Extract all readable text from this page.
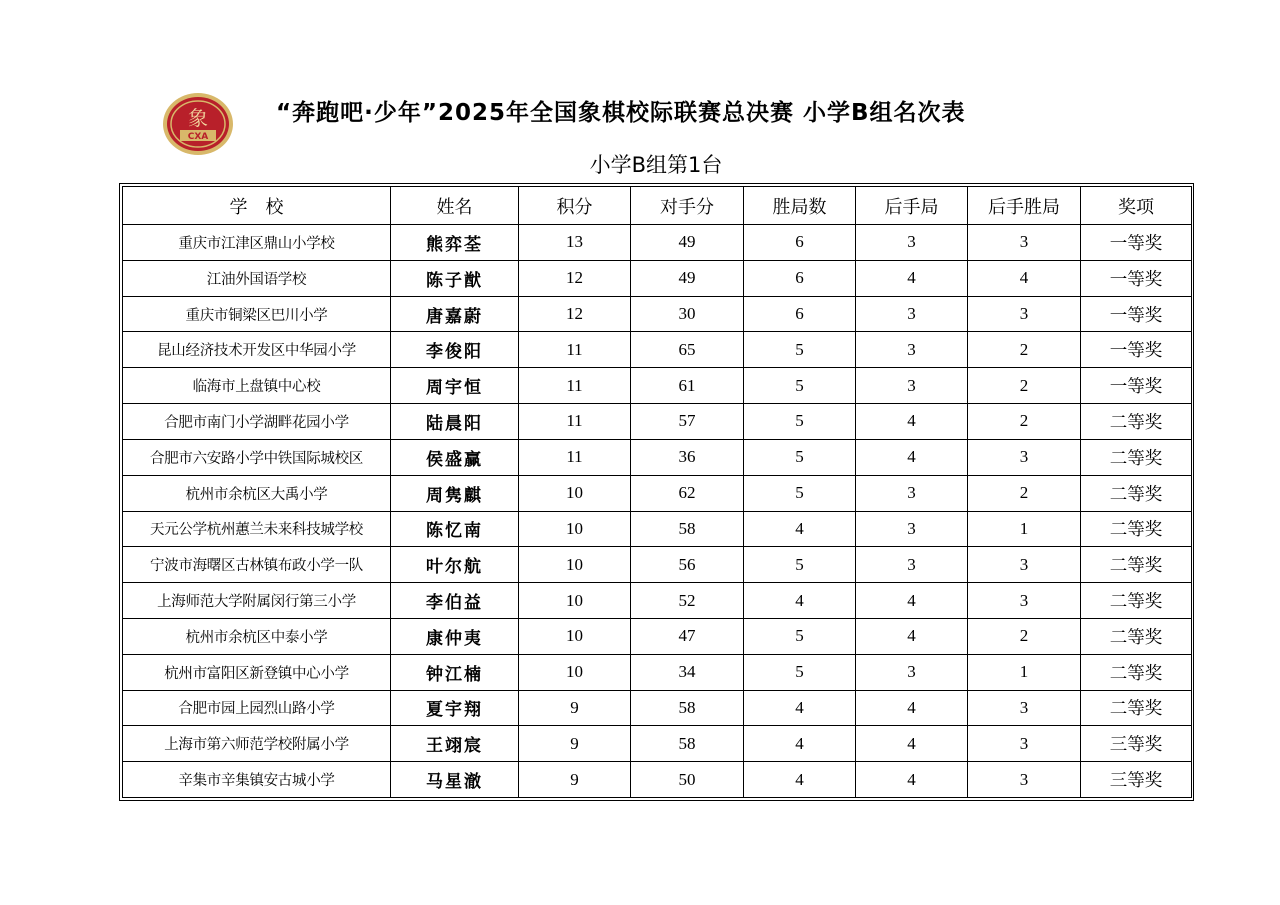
象
CXA
“奔跑吧·少年”2025年全国象棋校际联赛总决赛 小学B组名次表
小学B组第1台
学　校	姓名	积分	对手分	胜局数	后手局	后手胜局	奖项
重庆市江津区鼎山小学校	熊弈荃	13	49	6	3	3	一等奖
江油外国语学校	陈子猷	12	49	6	4	4	一等奖
重庆市铜梁区巴川小学	唐嘉蔚	12	30	6	3	3	一等奖
昆山经济技术开发区中华园小学	李俊阳	11	65	5	3	2	一等奖
临海市上盘镇中心校	周宇恒	11	61	5	3	2	一等奖
合肥市南门小学湖畔花园小学	陆晨阳	11	57	5	4	2	二等奖
合肥市六安路小学中铁国际城校区	侯盛赢	11	36	5	4	3	二等奖
杭州市余杭区大禹小学	周隽麒	10	62	5	3	2	二等奖
天元公学杭州蕙兰未来科技城学校	陈忆南	10	58	4	3	1	二等奖
宁波市海曙区古林镇布政小学一队	叶尔航	10	56	5	3	3	二等奖
上海师范大学附属闵行第三小学	李伯益	10	52	4	4	3	二等奖
杭州市余杭区中泰小学	康仲夷	10	47	5	4	2	二等奖
杭州市富阳区新登镇中心小学	钟江楠	10	34	5	3	1	二等奖
合肥市园上园烈山路小学	夏宇翔	9	58	4	4	3	二等奖
上海市第六师范学校附属小学	王翊宸	9	58	4	4	3	三等奖
辛集市辛集镇安古城小学	马星澈	9	50	4	4	3	三等奖
